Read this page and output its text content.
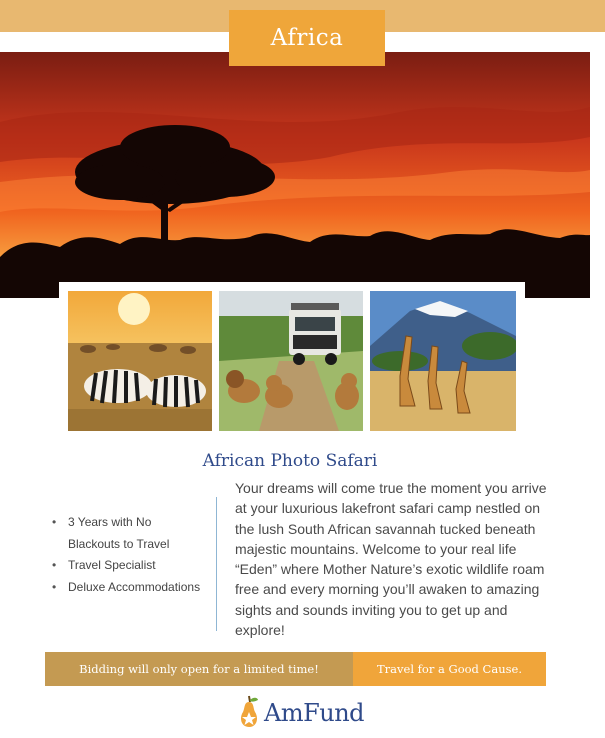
Africa
African Photo Safari
• 3 Years with No
Blackouts to Travel
• Travel Specialist
• Deluxe Accommodations

Your dreams will come true the moment you arrive at your luxurious lakefront safari camp nestled on the lush South African savannah tucked beneath majestic mountains. Welcome to your real life “Eden” where Mother Nature’s exotic wildlife roam free and every morning you’ll awaken to amazing sights and sounds inviting you to get up and explore!

Bidding will only open for a limited time!	Travel for a Good Cause.
AmFund
